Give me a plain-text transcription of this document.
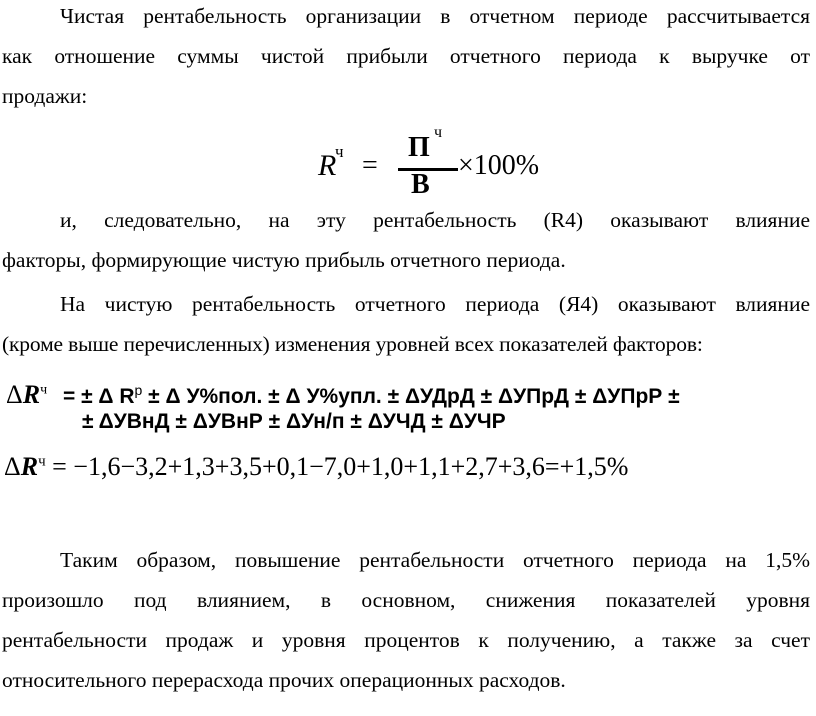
Чистая рентабельность организации в отчетном периоде рассчитывается
как отношение суммы чистой прибыли отчетного периода к выручке от
продажи:
R
ч =
П ч
В
×100%
и, следовательно, на эту рентабельность (R4) оказывают влияние
факторы, формирующие чистую прибыль отчетного периода.
На чистую рентабельность отчетного периода (Я4) оказывают влияние
(кроме выше перечисленных) изменения уровней всех показателей факторов:
$\Delta R^ч$ = ± Δ $R^р \pm \Delta$ У%пол. ± Δ У%упл. ± ΔУДрД ± ΔУПрД ± ΔУПрР ±
± ΔУВнД ± ΔУВнР ± ΔУн/п ± ΔУЧД ± ΔУЧР
$\Delta R^ч = -1,6-3,2+1,3+3,5+0,1-7,0+1,0+1,1+2,7+3,6=+1,5\%$
Таким образом, повышение рентабельности отчетного периода на 1,5%
произошло под влиянием, в основном, снижения показателей уровня
рентабельности продаж и уровня процентов к получению, а также за счет
относительного перерасхода прочих операционных расходов.
